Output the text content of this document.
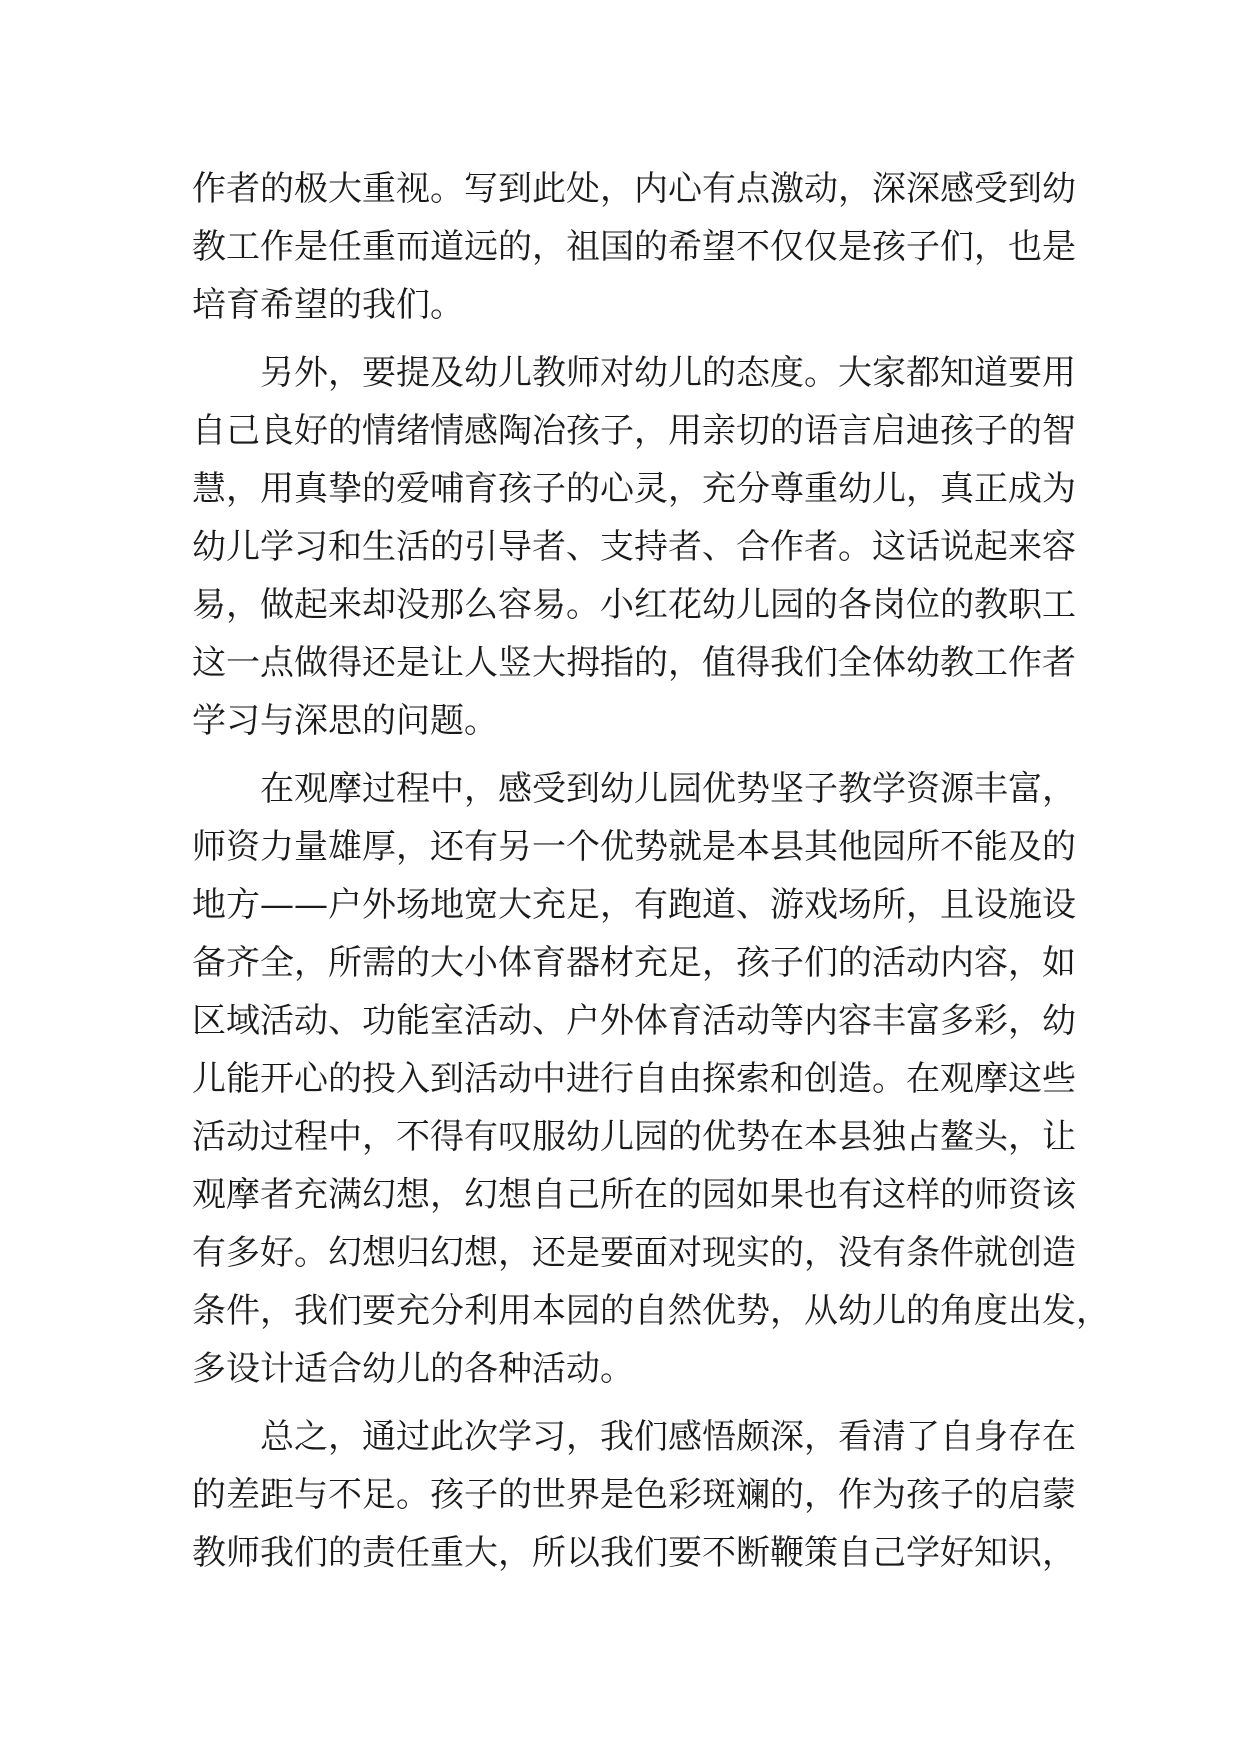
作者的极大重视。写到此处，内心有点激动，深深感受到幼
教工作是任重而道远的，祖国的希望不仅仅是孩子们，也是
培育希望的我们。
另外，要提及幼儿教师对幼儿的态度。大家都知道要用
自己良好的情绪情感陶冶孩子，用亲切的语言启迪孩子的智
慧，用真挚的爱哺育孩子的心灵，充分尊重幼儿，真正成为
幼儿学习和生活的引导者、支持者、合作者。这话说起来容
易，做起来却没那么容易。小红花幼儿园的各岗位的教职工
这一点做得还是让人竖大拇指的，值得我们全体幼教工作者
学习与深思的问题。
在观摩过程中，感受到幼儿园优势坚子教学资源丰富，
师资力量雄厚，还有另一个优势就是本县其他园所不能及的
地方——户外场地宽大充足，有跑道、游戏场所，且设施设
备齐全，所需的大小体育器材充足，孩子们的活动内容，如
区域活动、功能室活动、户外体育活动等内容丰富多彩，幼
儿能开心的投入到活动中进行自由探索和创造。在观摩这些
活动过程中，不得有叹服幼儿园的优势在本县独占鳌头，让
观摩者充满幻想，幻想自己所在的园如果也有这样的师资该
有多好。幻想归幻想，还是要面对现实的，没有条件就创造
条件，我们要充分利用本园的自然优势，从幼儿的角度出发，
多设计适合幼儿的各种活动。
总之，通过此次学习，我们感悟颇深，看清了自身存在
的差距与不足。孩子的世界是色彩斑斓的，作为孩子的启蒙
教师我们的责任重大，所以我们要不断鞭策自己学好知识，
